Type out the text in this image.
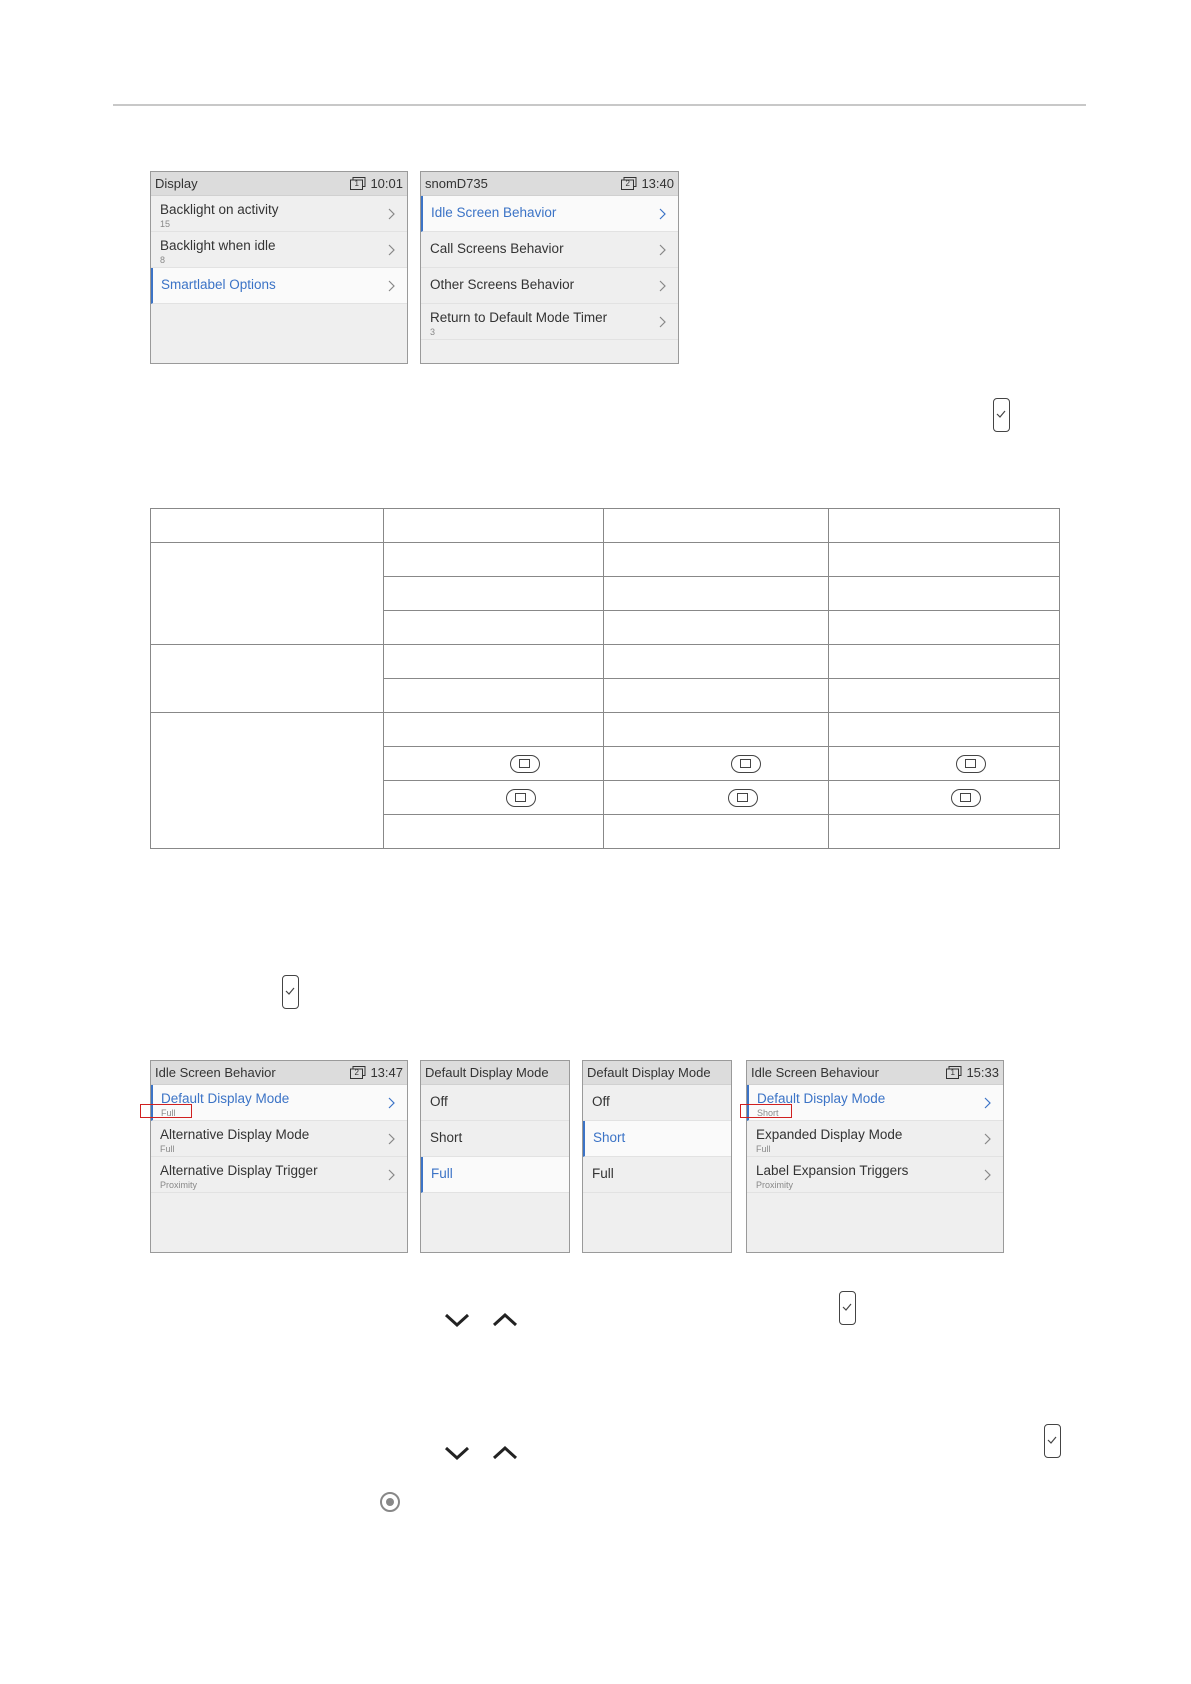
Display	1 10:01
Backlight on activity
15
Backlight when idle
8
Smartlabel Options
snomD735	2 13:40
Idle Screen Behavior
Call Screens Behavior
Other Screens Behavior
Return to Default Mode Timer
3

Idle Screen Behavior	2 13:47
Default Display Mode
Full
Alternative Display Mode
Full
Alternative Display Trigger
Proximity
Default Display Mode
Off
Short
Full
Default Display Mode
Off
Short
Full
Idle Screen Behaviour	1 15:33
Default Display Mode
Short
Expanded Display Mode
Full
Label Expansion Triggers
Proximity
